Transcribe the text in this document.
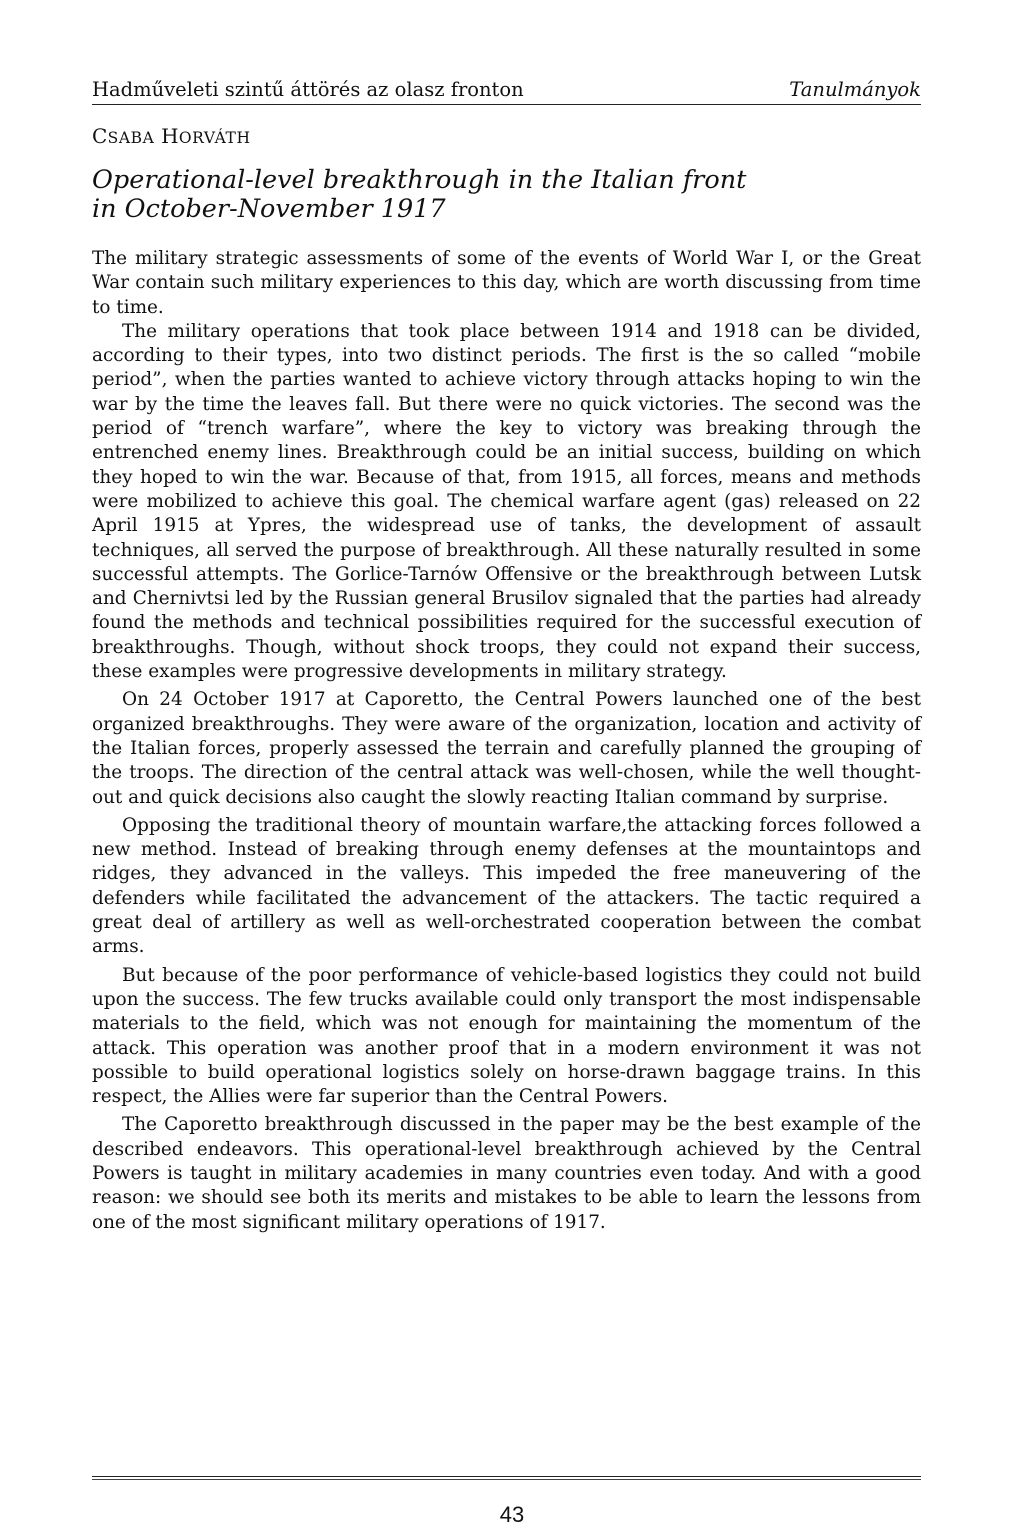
Hadműveleti szintű áttörés az olasz fronton	Tanulmányok
CSABA HORVÁTH
Operational-level breakthrough in the Italian front
in October-November 1917

The military strategic assessments of some of the events of World War I, or the Great War contain such military experiences to this day, which are worth discussing from time to time.

The military operations that took place between 1914 and 1918 can be divided, according to their types, into two distinct periods. The first is the so called “mobile period”, when the parties wanted to achieve victory through attacks hoping to win the war by the time the leaves fall. But there were no quick victories. The second was the period of “trench warfare”, where the key to victory was breaking through the entrenched enemy lines. Breakthrough could be an initial success, building on which they hoped to win the war. Because of that, from 1915, all forces, means and methods were mobilized to achieve this goal. The chemical warfare agent (gas) released on 22 April 1915 at Ypres, the widespread use of tanks, the development of assault techniques, all served the purpose of breakthrough. All these naturally resulted in some successful attempts. The Gorlice-Tarnów Offensive or the breakthrough between Lutsk and Chernivtsi led by the Russian general Brusilov signaled that the parties had already found the methods and technical possibilities required for the successful execution of breakthroughs. Though, without shock troops, they could not expand their success, these examples were progressive developments in military strategy.

On 24 October 1917 at Caporetto, the Central Powers launched one of the best organized breakthroughs. They were aware of the organization, location and activity of the Italian forces, properly assessed the terrain and carefully planned the grouping of the troops. The direction of the central attack was well-chosen, while the well thought-out and quick decisions also caught the slowly reacting Italian command by surprise.

Opposing the traditional theory of mountain warfare,the attacking forces followed a new method. Instead of breaking through enemy defenses at the mountaintops and ridges, they advanced in the valleys. This impeded the free maneuvering of the defenders while facilitated the advancement of the attackers. The tactic required a great deal of artillery as well as well-orchestrated cooperation between the combat arms.

But because of the poor performance of vehicle-based logistics they could not build upon the success. The few trucks available could only transport the most indispensable materials to the field, which was not enough for maintaining the momentum of the attack. This operation was another proof that in a modern environment it was not possible to build operational logistics solely on horse-drawn baggage trains. In this respect, the Allies were far superior than the Central Powers.

The Caporetto breakthrough discussed in the paper may be the best example of the described endeavors. This operational-level breakthrough achieved by the Central Powers is taught in military academies in many countries even today. And with a good reason: we should see both its merits and mistakes to be able to learn the lessons from one of the most significant military operations of 1917.

43
